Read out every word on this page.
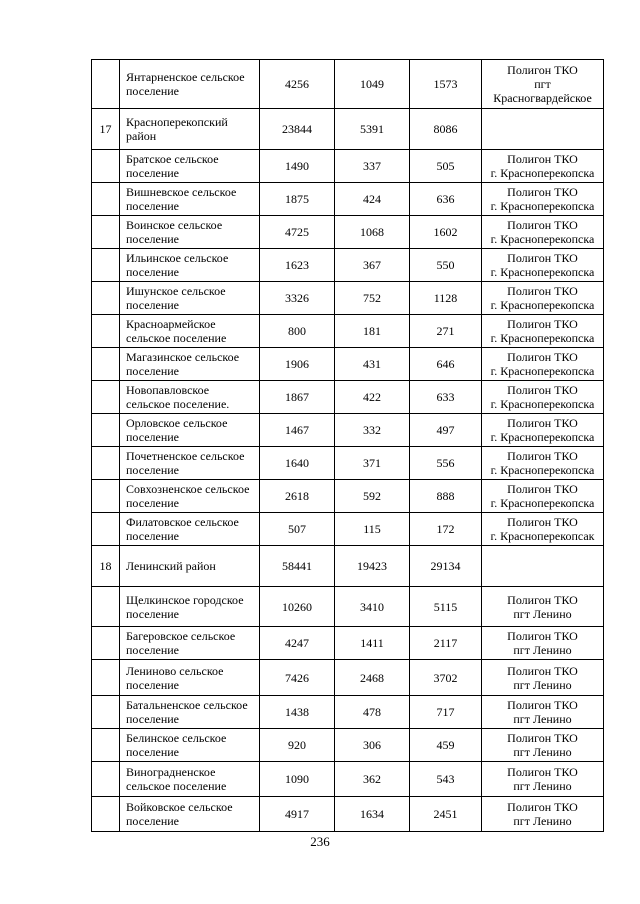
	Янтарненское сельское поселение	4256	1049	1573	Полигон ТКО
пгт
Красногвардейское

17	Красноперекопский район	23844	5391	8086	
	Братское сельское поселение	1490	337	505	Полигон ТКО
г. Красноперекопска

	Вишневское сельское поселение	1875	424	636	Полигон ТКО
г. Красноперекопска

	Воинское сельское поселение	4725	1068	1602	Полигон ТКО
г. Красноперекопска

	Ильинское сельское поселение	1623	367	550	Полигон ТКО
г. Красноперекопска

	Ишунское сельское поселение	3326	752	1128	Полигон ТКО
г. Красноперекопска

	Красноармейское сельское поселение	800	181	271	Полигон ТКО
г. Красноперекопска

	Магазинское сельское поселение	1906	431	646	Полигон ТКО
г. Красноперекопска

	Новопавловское сельское поселение.	1867	422	633	Полигон ТКО
г. Красноперекопска

	Орловское сельское поселение	1467	332	497	Полигон ТКО
г. Красноперекопска

	Почетненское сельское поселение	1640	371	556	Полигон ТКО
г. Красноперекопска

	Совхозненское сельское поселение	2618	592	888	Полигон ТКО
г. Красноперекопска

	Филатовское сельское поселение	507	115	172	Полигон ТКО
г. Красноперекопсак

18	Ленинский район	58441	19423	29134	
	Щелкинское городское поселение	10260	3410	5115	Полигон ТКО
пгт Ленино

	Багеровское сельское поселение	4247	1411	2117	Полигон ТКО
пгт Ленино

	Лениново сельское поселение	7426	2468	3702	Полигон ТКО
пгт Ленино

	Батальненское сельское поселение	1438	478	717	Полигон ТКО
пгт Ленино

	Белинское сельское поселение	920	306	459	Полигон ТКО
пгт Ленино

	Виноградненское сельское поселение	1090	362	543	Полигон ТКО
пгт Ленино

	Войковское сельское поселение	4917	1634	2451	Полигон ТКО
пгт Ленино
236
